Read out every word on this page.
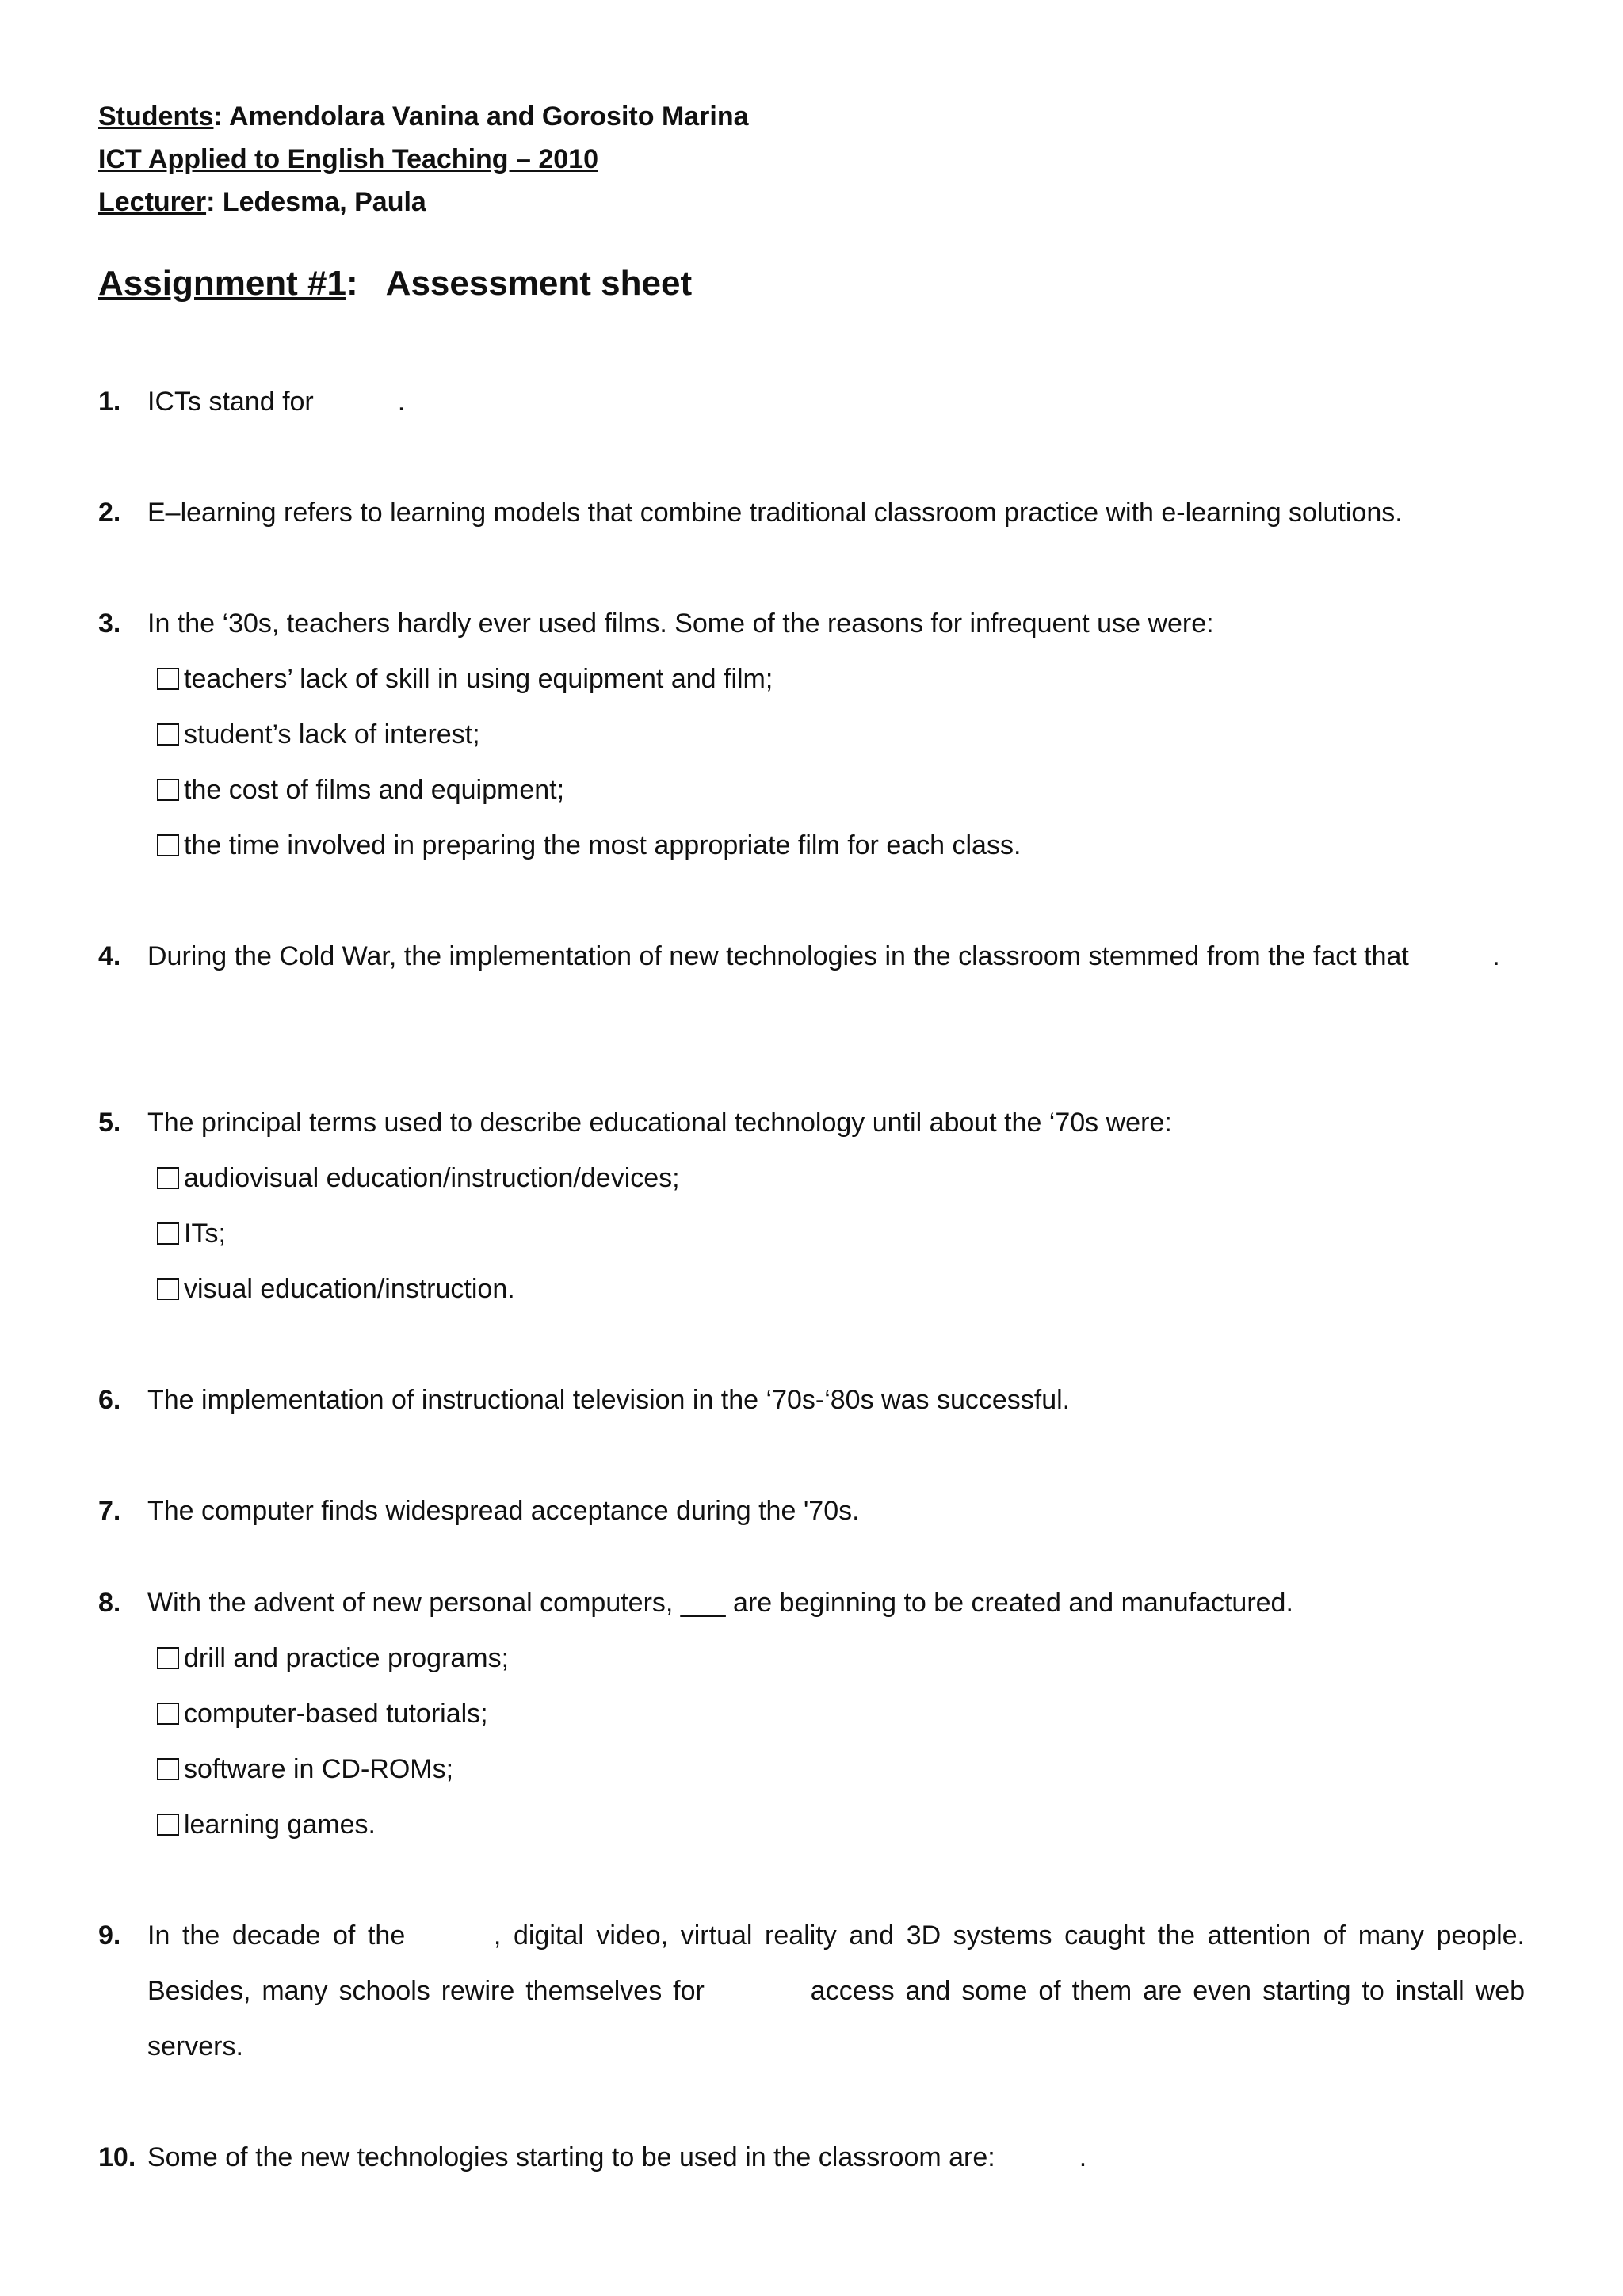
Students: Amendolara Vanina and Gorosito Marina
ICT Applied to English Teaching – 2010
Lecturer: Ledesma, Paula
Assignment #1:   Assessment sheet
1. ICTs stand for	.
2. E–learning refers to learning models that combine traditional classroom practice with e-learning solutions.
3. In the ‘30s, teachers hardly ever used films. Some of the reasons for infrequent use were:
teachers’ lack of skill in using equipment and film;
student’s lack of interest;
the cost of films and equipment;
the time involved in preparing the most appropriate film for each class.
4. During the Cold War, the implementation of new technologies in the classroom stemmed from the fact that	.
5. The principal terms used to describe educational technology until about the ‘70s were:
audiovisual education/instruction/devices;
ITs;
visual education/instruction.
6. The implementation of instructional television in the ‘70s-‘80s was successful.
7. The computer finds widespread acceptance during the '70s.
8. With the advent of new personal computers, ___ are beginning to be created and manufactured.
drill and practice programs;
computer-based tutorials;
software in CD-ROMs;
learning games.
9. In the decade of the	, digital video, virtual reality and 3D systems caught the attention of many people. Besides, many schools rewire themselves for	access and some of them are even starting to install web servers.
10. Some of the new technologies starting to be used in the classroom are:	.
